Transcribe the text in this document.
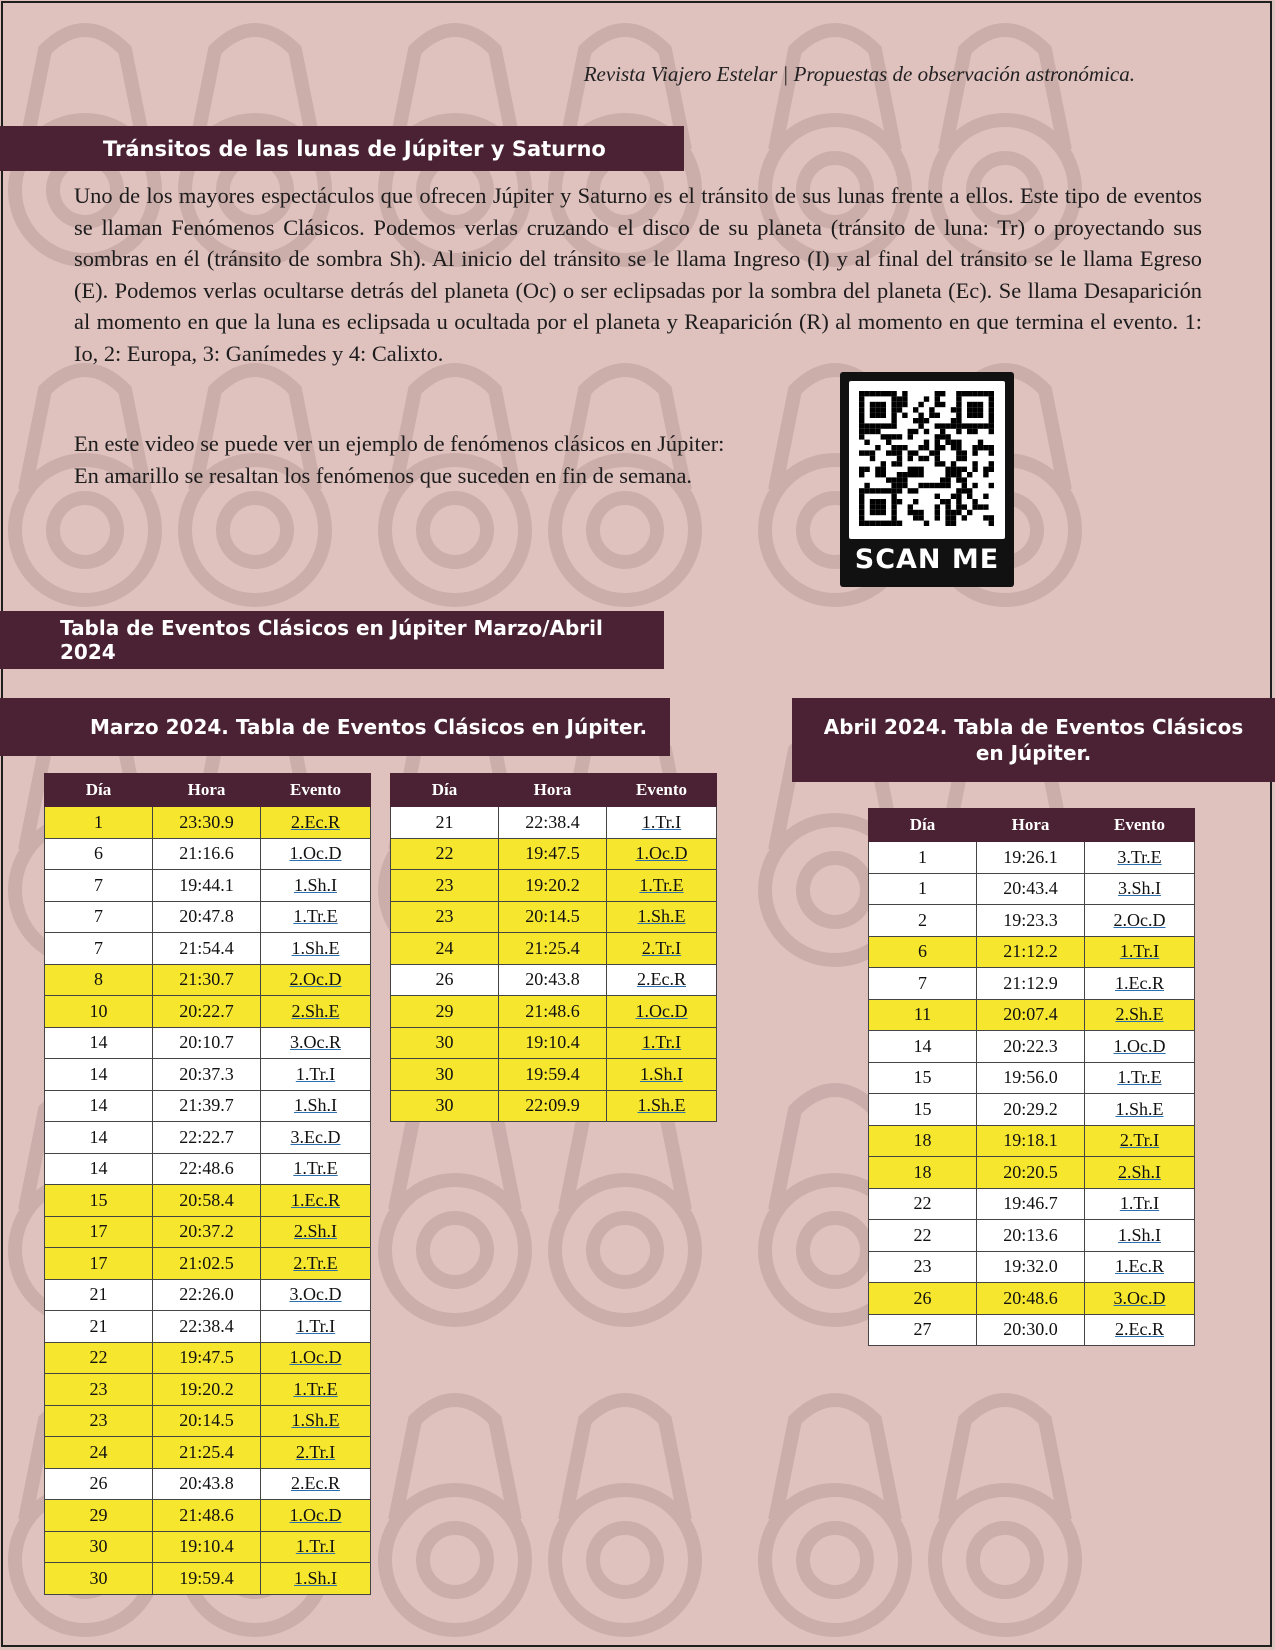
Revista Viajero Estelar | Propuestas de observación astronómica.
Tránsitos de las lunas de Júpiter y Saturno
Uno de los mayores espectáculos que ofrecen Júpiter y Saturno es el tránsito de sus lunas frente a ellos. Este tipo de eventos se llaman Fenómenos Clásicos. Podemos verlas cruzando el disco de su planeta (tránsito de luna: Tr) o proyectando sus sombras en él (tránsito de sombra Sh). Al inicio del tránsito se le llama Ingreso (I) y al final del tránsito se le llama Egreso (E). Podemos verlas ocultarse detrás del planeta (Oc) o ser eclipsadas por la sombra del planeta (Ec). Se llama Desaparición al momento en que la luna es eclipsada u ocultada por el planeta y Reaparición (R) al momento en que termina el evento. 1: Io, 2: Europa, 3: Ganímedes y 4: Calixto.
En este video se puede ver un ejemplo de fenómenos clásicos en Júpiter:
En amarillo se resaltan los fenómenos que suceden en fin de semana.
SCAN ME
Tabla de Eventos Clásicos en Júpiter Marzo/Abril 2024
Marzo 2024. Tabla de Eventos Clásicos en Júpiter.	Abril 2024. Tabla de Eventos Clásicos
en Júpiter.
Día	Hora	Evento
1	23:30.9	2.Ec.R
6	21:16.6	1.Oc.D
7	19:44.1	1.Sh.I
7	20:47.8	1.Tr.E
7	21:54.4	1.Sh.E
8	21:30.7	2.Oc.D
10	20:22.7	2.Sh.E
14	20:10.7	3.Oc.R
14	20:37.3	1.Tr.I
14	21:39.7	1.Sh.I
14	22:22.7	3.Ec.D
14	22:48.6	1.Tr.E
15	20:58.4	1.Ec.R
17	20:37.2	2.Sh.I
17	21:02.5	2.Tr.E
21	22:26.0	3.Oc.D
21	22:38.4	1.Tr.I
22	19:47.5	1.Oc.D
23	19:20.2	1.Tr.E
23	20:14.5	1.Sh.E
24	21:25.4	2.Tr.I
26	20:43.8	2.Ec.R
29	21:48.6	1.Oc.D
30	19:10.4	1.Tr.I
30	19:59.4	1.Sh.I
Día	Hora	Evento
21	22:38.4	1.Tr.I
22	19:47.5	1.Oc.D
23	19:20.2	1.Tr.E
23	20:14.5	1.Sh.E
24	21:25.4	2.Tr.I
26	20:43.8	2.Ec.R
29	21:48.6	1.Oc.D
30	19:10.4	1.Tr.I
30	19:59.4	1.Sh.I
30	22:09.9	1.Sh.E
Día	Hora	Evento
1	19:26.1	3.Tr.E
1	20:43.4	3.Sh.I
2	19:23.3	2.Oc.D
6	21:12.2	1.Tr.I
7	21:12.9	1.Ec.R
11	20:07.4	2.Sh.E
14	20:22.3	1.Oc.D
15	19:56.0	1.Tr.E
15	20:29.2	1.Sh.E
18	19:18.1	2.Tr.I
18	20:20.5	2.Sh.I
22	19:46.7	1.Tr.I
22	20:13.6	1.Sh.I
23	19:32.0	1.Ec.R
26	20:48.6	3.Oc.D
27	20:30.0	2.Ec.R
